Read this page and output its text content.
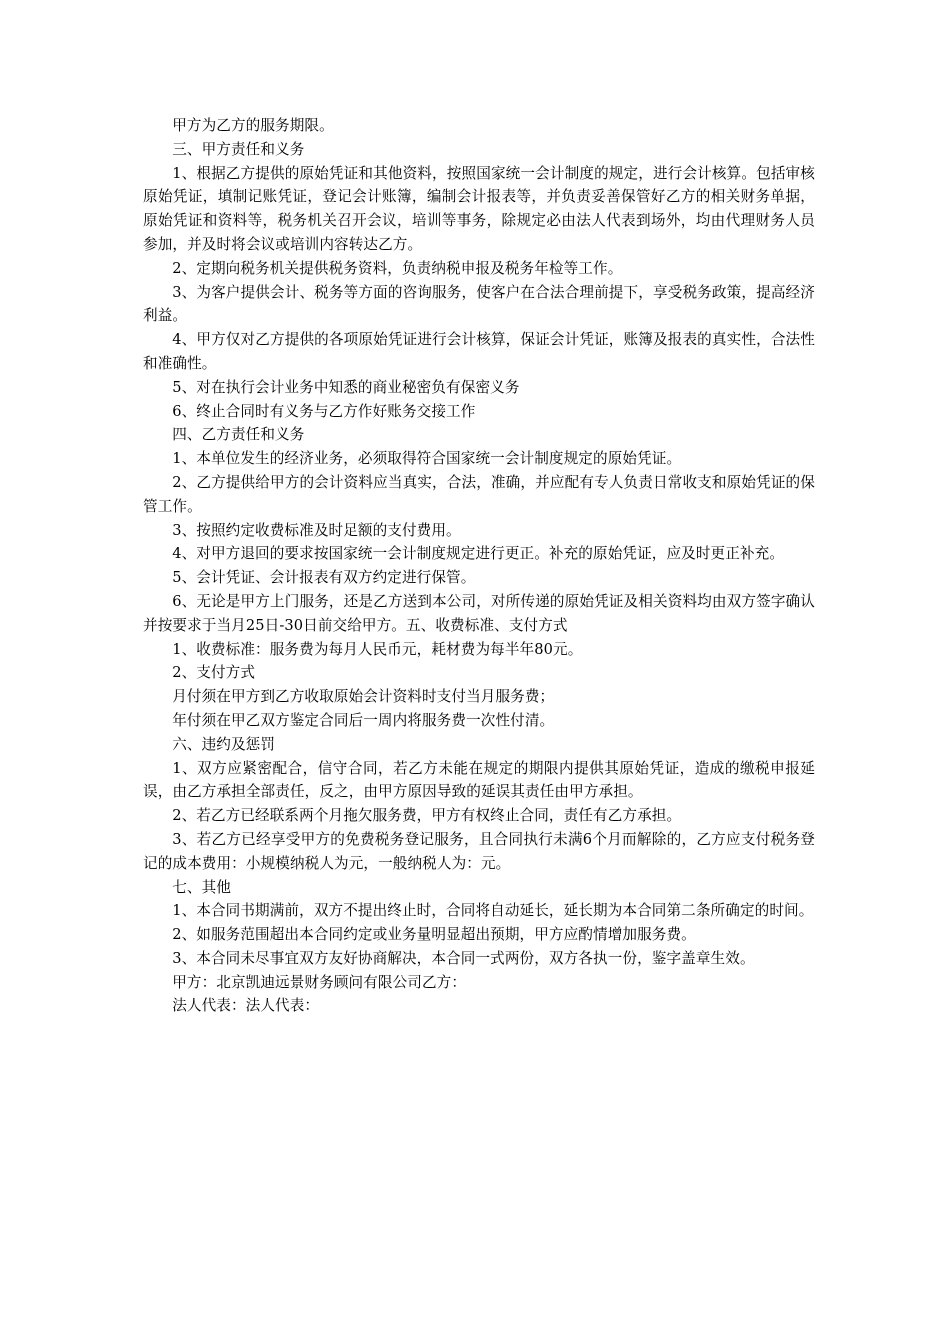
甲方为乙方的服务期限。

三、甲方责任和义务

1、根据乙方提供的原始凭证和其他资料，按照国家统一会计制度的规定，进行会计核算。包括审核原始凭证，填制记账凭证，登记会计账簿，编制会计报表等，并负责妥善保管好乙方的相关财务单据，原始凭证和资料等，税务机关召开会议，培训等事务，除规定必由法人代表到场外，均由代理财务人员参加，并及时将会议或培训内容转达乙方。

2、定期向税务机关提供税务资料，负责纳税申报及税务年检等工作。

3、为客户提供会计、税务等方面的咨询服务，使客户在合法合理前提下，享受税务政策，提高经济利益。

4、甲方仅对乙方提供的各项原始凭证进行会计核算，保证会计凭证，账簿及报表的真实性，合法性和准确性。

5、对在执行会计业务中知悉的商业秘密负有保密义务

6、终止合同时有义务与乙方作好账务交接工作

四、乙方责任和义务

1、本单位发生的经济业务，必须取得符合国家统一会计制度规定的原始凭证。

2、乙方提供给甲方的会计资料应当真实，合法，准确，并应配有专人负责日常收支和原始凭证的保管工作。

3、按照约定收费标准及时足额的支付费用。

4、对甲方退回的要求按国家统一会计制度规定进行更正。补充的原始凭证，应及时更正补充。

5、会计凭证、会计报表有双方约定进行保管。

6、无论是甲方上门服务，还是乙方送到本公司，对所传递的原始凭证及相关资料均由双方签字确认并按要求于当月25日-30日前交给甲方。五、收费标准、支付方式

1、收费标准：服务费为每月人民币元，耗材费为每半年80元。

2、支付方式

月付须在甲方到乙方收取原始会计资料时支付当月服务费；

年付须在甲乙双方鉴定合同后一周内将服务费一次性付清。

六、违约及惩罚

1、双方应紧密配合，信守合同，若乙方未能在规定的期限内提供其原始凭证，造成的缴税申报延误，由乙方承担全部责任，反之，由甲方原因导致的延误其责任由甲方承担。

2、若乙方已经联系两个月拖欠服务费，甲方有权终止合同，责任有乙方承担。

3、若乙方已经享受甲方的免费税务登记服务，且合同执行未满6个月而解除的，乙方应支付税务登记的成本费用：小规模纳税人为元，一般纳税人为：元。

七、其他

1、本合同书期满前，双方不提出终止时，合同将自动延长，延长期为本合同第二条所确定的时间。

2、如服务范围超出本合同约定或业务量明显超出预期，甲方应酌情增加服务费。

3、本合同未尽事宜双方友好协商解决，本合同一式两份，双方各执一份，鉴字盖章生效。

甲方：北京凯迪远景财务顾问有限公司乙方：

法人代表：法人代表：
